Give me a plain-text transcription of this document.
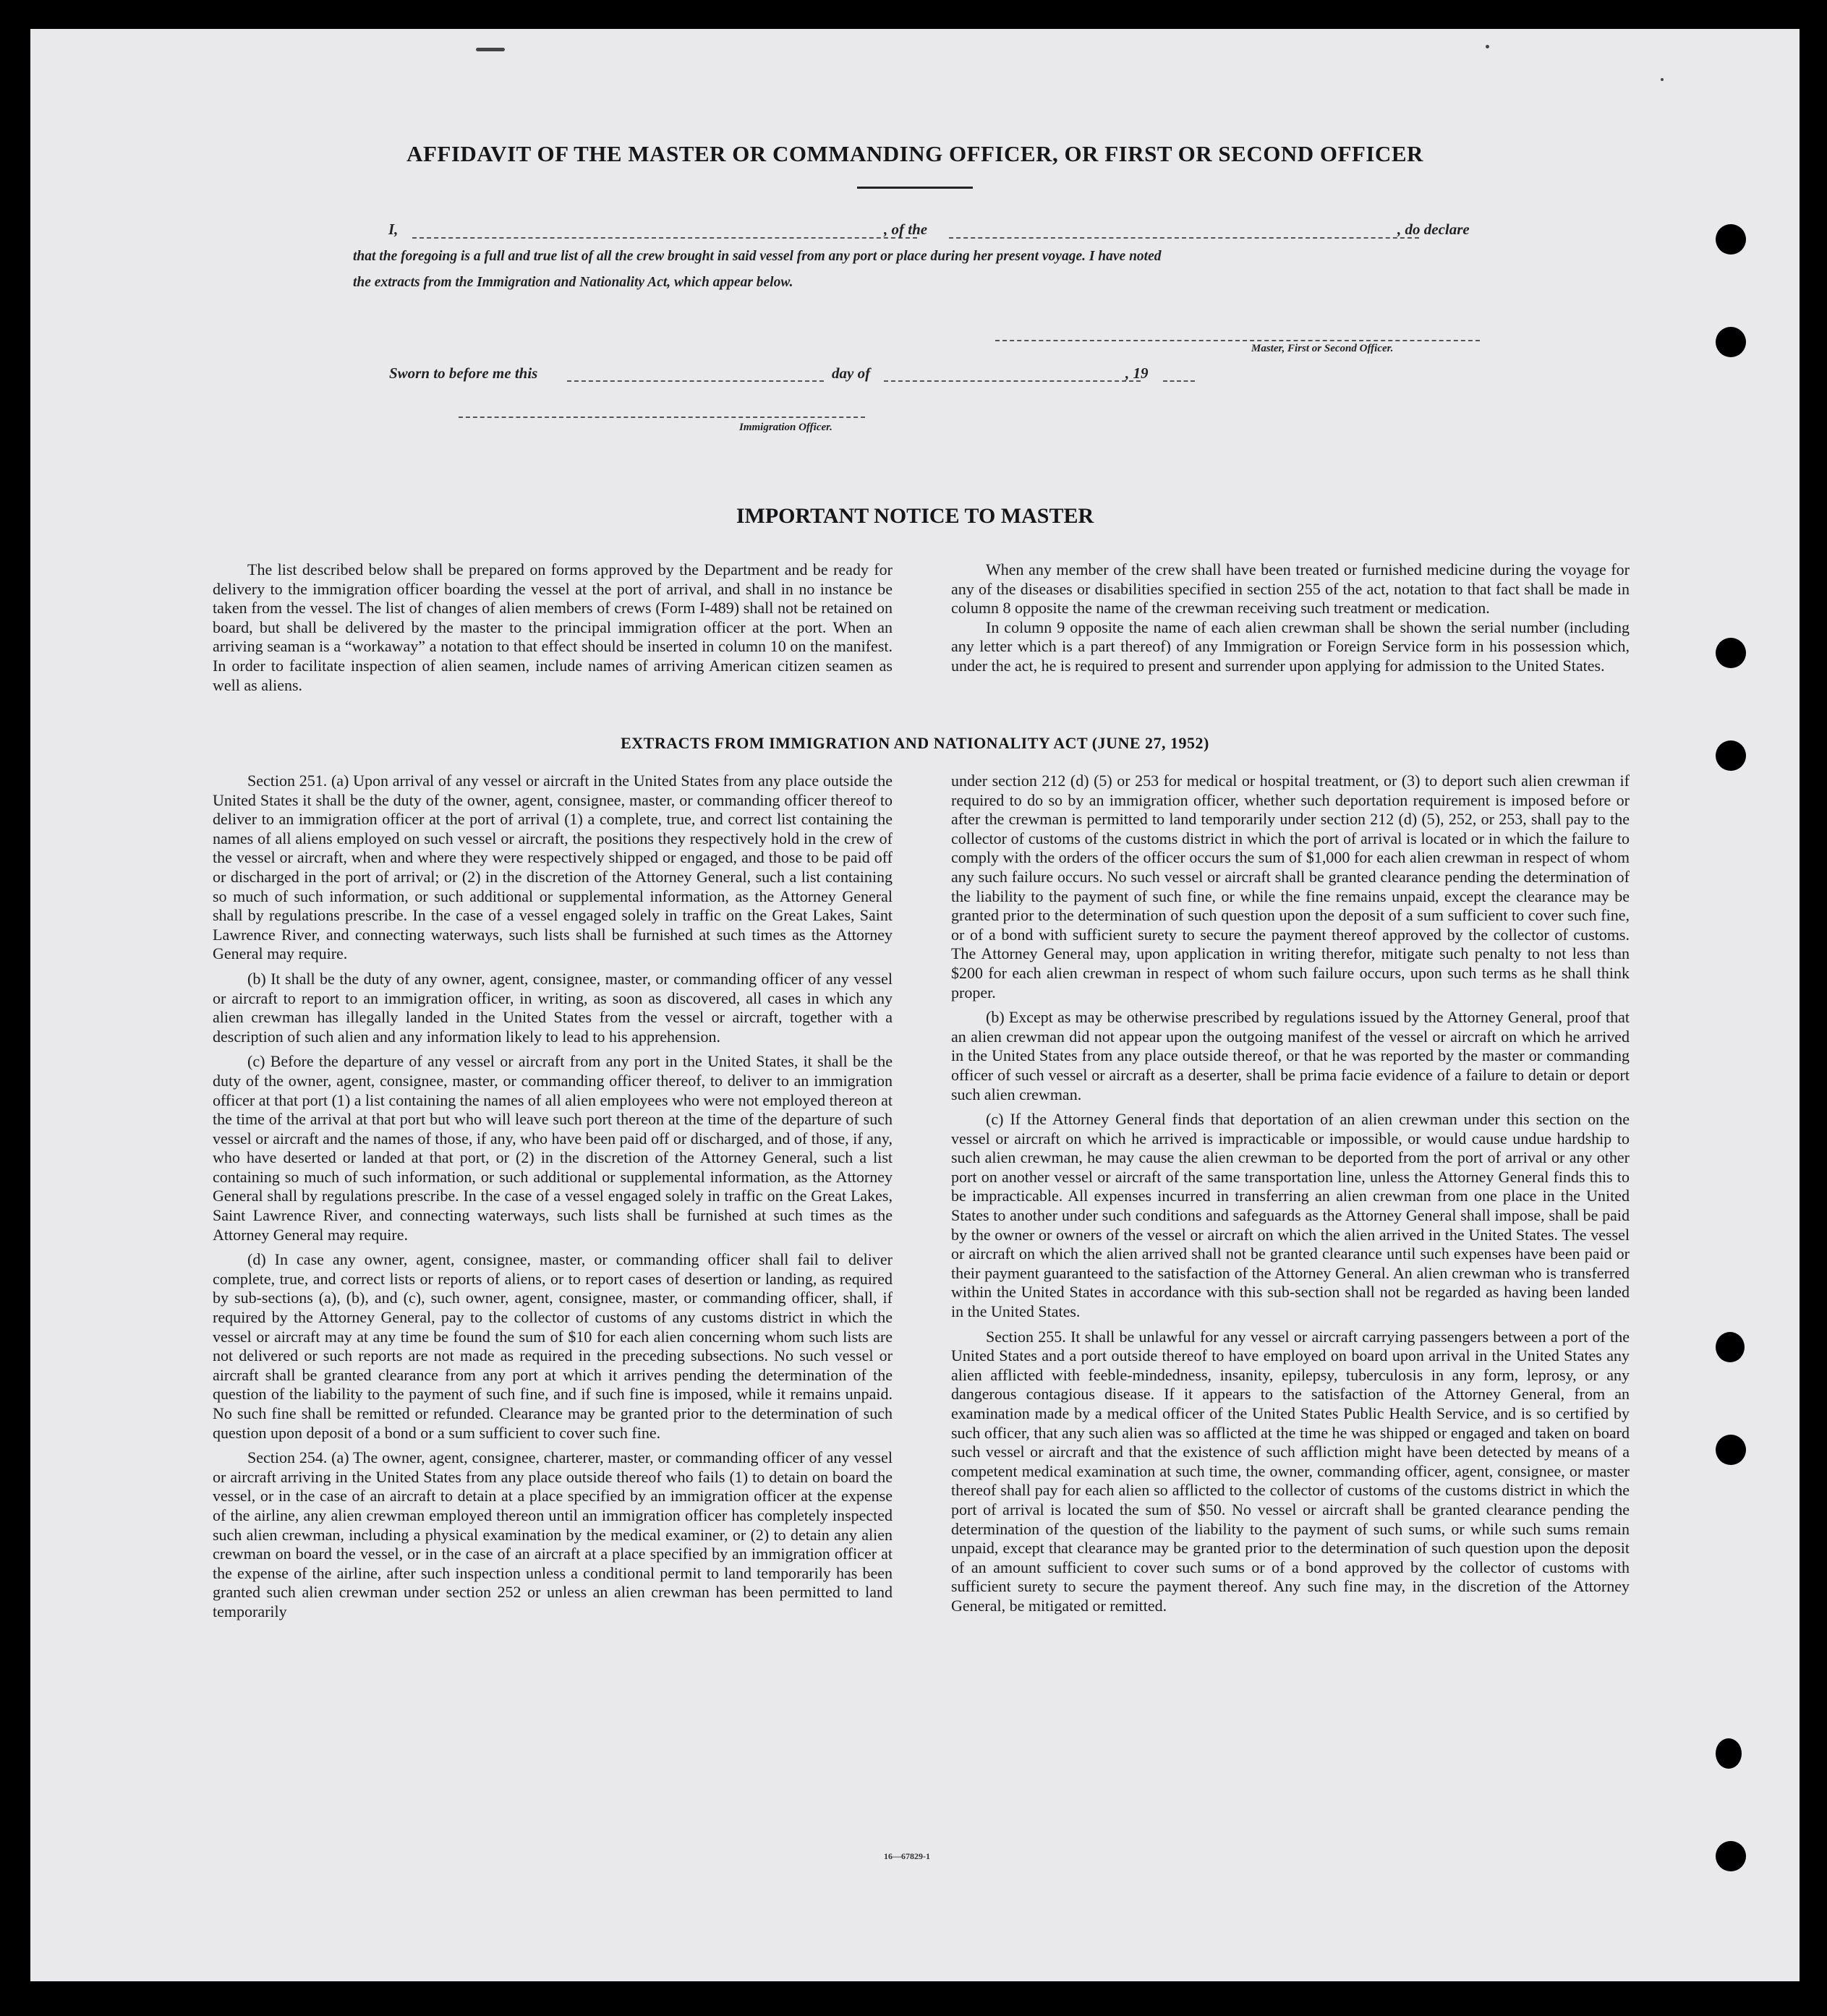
AFFIDAVIT OF THE MASTER OR COMMANDING OFFICER, OR FIRST OR SECOND OFFICER
I,	, of the	, do declare
that the foregoing is a full and true list of all the crew brought in said vessel from any port or place during her present voyage. I have noted
the extracts from the Immigration and Nationality Act, which appear below.
Master, First or Second Officer.
Sworn to before me this	day of	, 19
Immigration Officer.
IMPORTANT NOTICE TO MASTER

The list described below shall be prepared on forms approved by the Department and be ready for delivery to the immigration officer boarding the vessel at the port of arrival, and shall in no instance be taken from the vessel. The list of changes of alien members of crews (Form I-489) shall not be retained on board, but shall be delivered by the master to the principal immigration officer at the port. When an arriving seaman is a “workaway” a notation to that effect should be inserted in column 10 on the manifest. In order to facilitate inspection of alien seamen, include names of arriving American citizen seamen as well as aliens.

When any member of the crew shall have been treated or furnished medicine during the voyage for any of the diseases or disabilities specified in section 255 of the act, notation to that fact shall be made in column 8 opposite the name of the crewman receiving such treatment or medication.

In column 9 opposite the name of each alien crewman shall be shown the serial number (including any letter which is a part thereof) of any Immigration or Foreign Service form in his possession which, under the act, he is required to present and surrender upon applying for admission to the United States.

EXTRACTS FROM IMMIGRATION AND NATIONALITY ACT (JUNE 27, 1952)

Section 251. (a) Upon arrival of any vessel or aircraft in the United States from any place outside the United States it shall be the duty of the owner, agent, consignee, master, or commanding officer thereof to deliver to an immigration officer at the port of arrival (1) a complete, true, and correct list containing the names of all aliens employed on such vessel or aircraft, the positions they respectively hold in the crew of the vessel or aircraft, when and where they were respectively shipped or engaged, and those to be paid off or discharged in the port of arrival; or (2) in the discretion of the Attorney General, such a list containing so much of such information, or such additional or supplemental information, as the Attorney General shall by regulations prescribe. In the case of a vessel engaged solely in traffic on the Great Lakes, Saint Lawrence River, and connecting waterways, such lists shall be furnished at such times as the Attorney General may require.

(b) It shall be the duty of any owner, agent, consignee, master, or commanding officer of any vessel or aircraft to report to an immigration officer, in writing, as soon as discovered, all cases in which any alien crewman has illegally landed in the United States from the vessel or aircraft, together with a description of such alien and any information likely to lead to his apprehension.

(c) Before the departure of any vessel or aircraft from any port in the United States, it shall be the duty of the owner, agent, consignee, master, or commanding officer thereof, to deliver to an immigration officer at that port (1) a list containing the names of all alien employees who were not employed thereon at the time of the arrival at that port but who will leave such port thereon at the time of the departure of such vessel or aircraft and the names of those, if any, who have been paid off or discharged, and of those, if any, who have deserted or landed at that port, or (2) in the discretion of the Attorney General, such a list containing so much of such information, or such additional or supplemental information, as the Attorney General shall by regulations prescribe. In the case of a vessel engaged solely in traffic on the Great Lakes, Saint Lawrence River, and connecting waterways, such lists shall be furnished at such times as the Attorney General may require.

(d) In case any owner, agent, consignee, master, or commanding officer shall fail to deliver complete, true, and correct lists or reports of aliens, or to report cases of desertion or landing, as required by sub-sections (a), (b), and (c), such owner, agent, consignee, master, or commanding officer, shall, if required by the Attorney General, pay to the collector of customs of any customs district in which the vessel or aircraft may at any time be found the sum of $10 for each alien concerning whom such lists are not delivered or such reports are not made as required in the preceding subsections. No such vessel or aircraft shall be granted clearance from any port at which it arrives pending the determination of the question of the liability to the payment of such fine, and if such fine is imposed, while it remains unpaid. No such fine shall be remitted or refunded. Clearance may be granted prior to the determination of such question upon deposit of a bond or a sum sufficient to cover such fine.

Section 254. (a) The owner, agent, consignee, charterer, master, or commanding officer of any vessel or aircraft arriving in the United States from any place outside thereof who fails (1) to detain on board the vessel, or in the case of an aircraft to detain at a place specified by an immigration officer at the expense of the airline, any alien crewman employed thereon until an immigration officer has completely inspected such alien crewman, including a physical examination by the medical examiner, or (2) to detain any alien crewman on board the vessel, or in the case of an aircraft at a place specified by an immigration officer at the expense of the airline, after such inspection unless a conditional permit to land temporarily has been granted such alien crewman under section 252 or unless an alien crewman has been permitted to land temporarily

under section 212 (d) (5) or 253 for medical or hospital treatment, or (3) to deport such alien crewman if required to do so by an immigration officer, whether such deportation requirement is imposed before or after the crewman is permitted to land temporarily under section 212 (d) (5), 252, or 253, shall pay to the collector of customs of the customs district in which the port of arrival is located or in which the failure to comply with the orders of the officer occurs the sum of $1,000 for each alien crewman in respect of whom any such failure occurs. No such vessel or aircraft shall be granted clearance pending the determination of the liability to the payment of such fine, or while the fine remains unpaid, except the clearance may be granted prior to the determination of such question upon the deposit of a sum sufficient to cover such fine, or of a bond with sufficient surety to secure the payment thereof approved by the collector of customs. The Attorney General may, upon application in writing therefor, mitigate such penalty to not less than $200 for each alien crewman in respect of whom such failure occurs, upon such terms as he shall think proper.

(b) Except as may be otherwise prescribed by regulations issued by the Attorney General, proof that an alien crewman did not appear upon the outgoing manifest of the vessel or aircraft on which he arrived in the United States from any place outside thereof, or that he was reported by the master or commanding officer of such vessel or aircraft as a deserter, shall be prima facie evidence of a failure to detain or deport such alien crewman.

(c) If the Attorney General finds that deportation of an alien crewman under this section on the vessel or aircraft on which he arrived is impracticable or impossible, or would cause undue hardship to such alien crewman, he may cause the alien crewman to be deported from the port of arrival or any other port on another vessel or aircraft of the same transportation line, unless the Attorney General finds this to be impracticable. All expenses incurred in transferring an alien crewman from one place in the United States to another under such conditions and safeguards as the Attorney General shall impose, shall be paid by the owner or owners of the vessel or aircraft on which the alien arrived in the United States. The vessel or aircraft on which the alien arrived shall not be granted clearance until such expenses have been paid or their payment guaranteed to the satisfaction of the Attorney General. An alien crewman who is transferred within the United States in accordance with this sub-section shall not be regarded as having been landed in the United States.

Section 255. It shall be unlawful for any vessel or aircraft carrying passengers between a port of the United States and a port outside thereof to have employed on board upon arrival in the United States any alien afflicted with feeble-mindedness, insanity, epilepsy, tuberculosis in any form, leprosy, or any dangerous contagious disease. If it appears to the satisfaction of the Attorney General, from an examination made by a medical officer of the United States Public Health Service, and is so certified by such officer, that any such alien was so afflicted at the time he was shipped or engaged and taken on board such vessel or aircraft and that the existence of such affliction might have been detected by means of a competent medical examination at such time, the owner, commanding officer, agent, consignee, or master thereof shall pay for each alien so afflicted to the collector of customs of the customs district in which the port of arrival is located the sum of $50. No vessel or aircraft shall be granted clearance pending the determination of the question of the liability to the payment of such sums, or while such sums remain unpaid, except that clearance may be granted prior to the determination of such question upon the deposit of an amount sufficient to cover such sums or of a bond approved by the collector of customs with sufficient surety to secure the payment thereof. Any such fine may, in the discretion of the Attorney General, be mitigated or remitted.

16—67829-1
